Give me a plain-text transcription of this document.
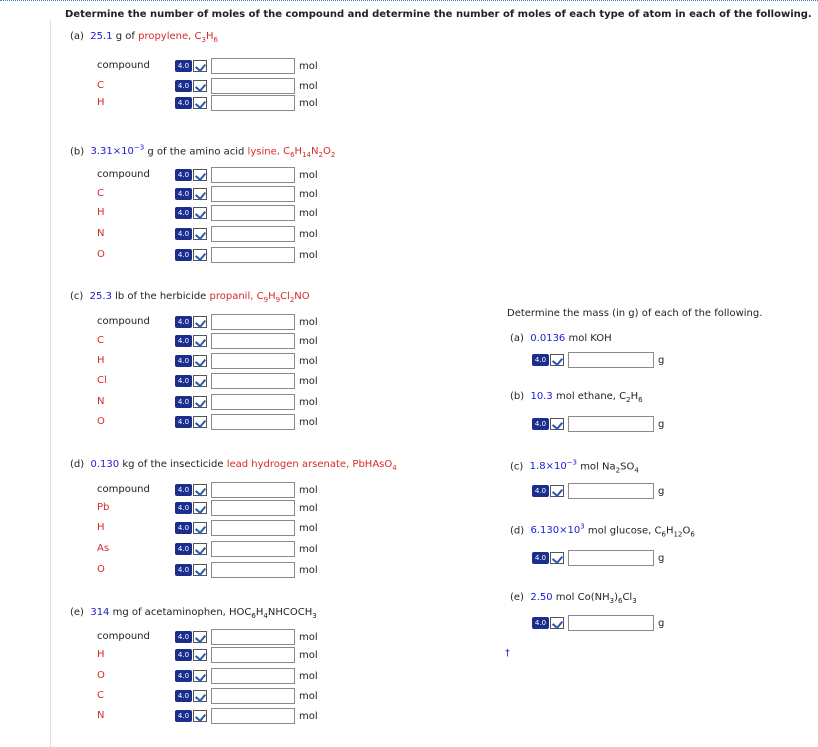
Determine the number of moles of the compound and determine the number of moles of each type of atom in each of the following.
(a) 25.1 g of propylene, $C_3H_6$
compound	4.0	mol
C	4.0	mol
H	4.0	mol
compound	4.0	mol
C	4.0	mol
H	4.0	mol
N	4.0	mol
O	4.0	mol
compound	4.0	mol
C	4.0	mol
H	4.0	mol
Cl	4.0	mol
N	4.0	mol
O	4.0	mol
compound	4.0	mol
Pb	4.0	mol
H	4.0	mol
As	4.0	mol
O	4.0	mol
compound	4.0	mol
H	4.0	mol
O	4.0	mol
C	4.0	mol
N	4.0	mol
(b) $3.31\times 10^{-3}$ g of the amino acid lysine, $C_6H_{14}N_2O_2$
(c) 25.3 lb of the herbicide propanil, $C_9H_9Cl_2NO$
(d) 0.130 kg of the insecticide lead hydrogen arsenate, PbHAsO$_4$
(e) 314 mg of acetaminophen, $HOC_6H_4NHCOCH_3$
Determine the mass (in g) of each of the following.
(a) 0.0136 mol KOH
(b) 10.3 mol ethane, $C_2H_6$
(c) $1.8\times 10^{-3}$ mol $Na_2SO_4$
(d) $6.130\times 10^3$ mol glucose, $C_6H_{12}O_6$
(e) 2.50 mol $Co(NH_3)_6Cl_3$
†
4.0	g
4.0	g
4.0	g
4.0	g
4.0	g
